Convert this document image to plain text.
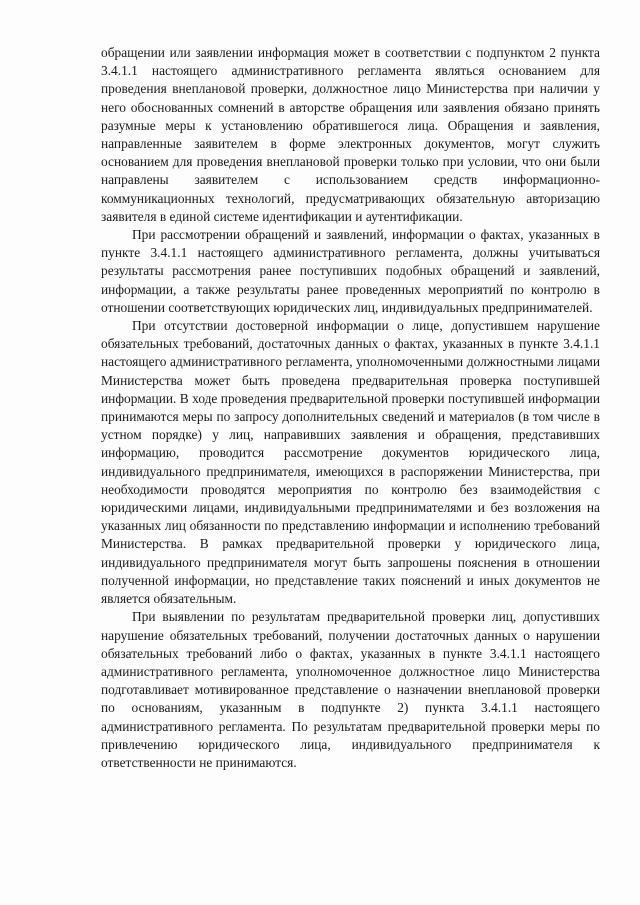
обращении или заявлении информация может в соответствии с подпунктом 2 пункта 3.4.1.1 настоящего административного регламента являться основанием для проведения внеплановой проверки, должностное лицо Министерства при наличии у него обоснованных сомнений в авторстве обращения или заявления обязано принять разумные меры к установлению обратившегося лица. Обращения и заявления, направленные заявителем в форме электронных документов, могут служить основанием для проведения внеплановой проверки только при условии, что они были направлены заявителем с использованием средств информационно-коммуникационных технологий, предусматривающих обязательную авторизацию заявителя в единой системе идентификации и аутентификации.

При рассмотрении обращений и заявлений, информации о фактах, указанных в пункте 3.4.1.1 настоящего административного регламента, должны учитываться результаты рассмотрения ранее поступивших подобных обращений и заявлений, информации, а также результаты ранее проведенных мероприятий по контролю в отношении соответствующих юридических лиц, индивидуальных предпринимателей.

При отсутствии достоверной информации о лице, допустившем нарушение обязательных требований, достаточных данных о фактах, указанных в пункте 3.4.1.1 настоящего административного регламента, уполномоченными должностными лицами Министерства может быть проведена предварительная проверка поступившей информации. В ходе проведения предварительной проверки поступившей информации принимаются меры по запросу дополнительных сведений и материалов (в том числе в устном порядке) у лиц, направивших заявления и обращения, представивших информацию, проводится рассмотрение документов юридического лица, индивидуального предпринимателя, имеющихся в распоряжении Министерства, при необходимости проводятся мероприятия по контролю без взаимодействия с юридическими лицами, индивидуальными предпринимателями и без возложения на указанных лиц обязанности по представлению информации и исполнению требований Министерства. В рамках предварительной проверки у юридического лица, индивидуального предпринимателя могут быть запрошены пояснения в отношении полученной информации, но представление таких пояснений и иных документов не является обязательным.

При выявлении по результатам предварительной проверки лиц, допустивших нарушение обязательных требований, получении достаточных данных о нарушении обязательных требований либо о фактах, указанных в пункте 3.4.1.1 настоящего административного регламента, уполномоченное должностное лицо Министерства подготавливает мотивированное представление о назначении внеплановой проверки по основаниям, указанным в подпункте 2) пункта 3.4.1.1 настоящего административного регламента. По результатам предварительной проверки меры по привлечению юридического лица, индивидуального предпринимателя к ответственности не принимаются.
